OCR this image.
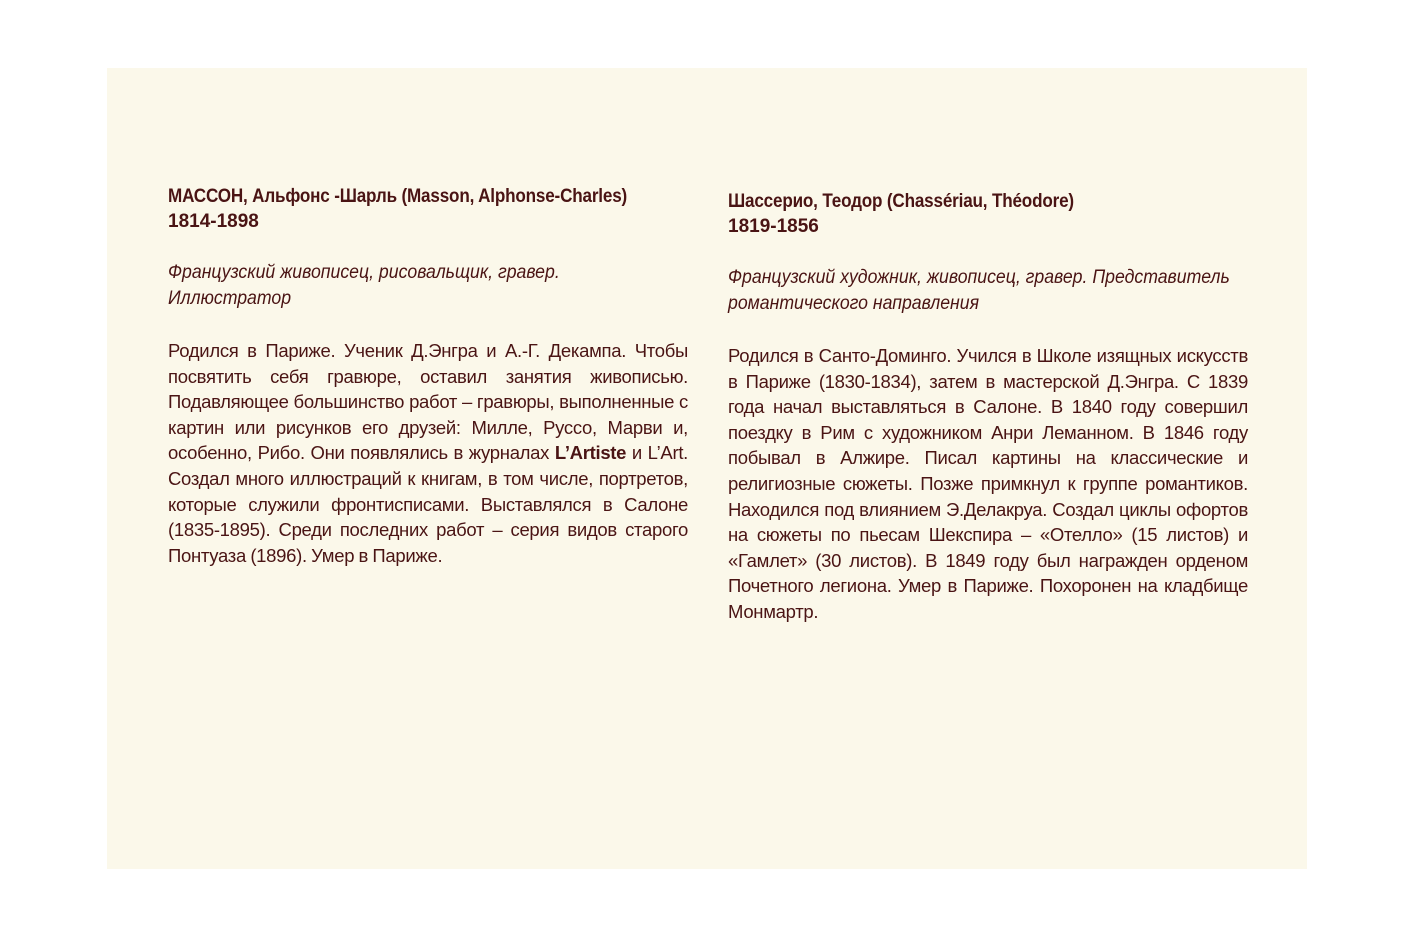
МАССОН, Альфонс -Шарль (Masson, Alphonse-Charles)

1814-1898

Французский живописец, рисовальщик, гравер.
Иллюстратор

Родился в Париже. Ученик Д.Энгра и А.-Г. Декампа. Чтобы посвятить себя гравюре, оставил занятия живописью. Подавляющее большинство работ – гравюры, выполненные с картин или рисунков его друзей: Милле, Руссо, Марви и, особенно, Рибо. Они появлялись в журналах L’Artiste и L’Art. Создал много иллюстраций к книгам, в том числе, портретов, которые служили фронтисписами. Выставлялся в Салоне (1835-1895). Среди последних работ – серия видов старого Понтуаза (1896). Умер в Париже.

Шассерио, Теодор (Chassériau, Théodore)

1819-1856

Французский художник, живописец, гравер. Представитель
романтического направления

Родился в Санто-Доминго. Учился в Школе изящных искусств в Париже (1830-1834), затем в мастерской Д.Энгра. С 1839 года начал выставляться в Салоне. В 1840 году совершил поездку в Рим с художником Анри Леманном. В 1846 году побывал в Алжире. Писал картины на классические и религиозные сюжеты. Позже примкнул к группе романтиков. Находился под влиянием Э.Делакруа. Создал циклы офортов на сюжеты по пьесам Шекспира – «Отелло» (15 листов) и «Гамлет» (30 листов). В 1849 году был награжден орденом Почетного легиона. Умер в Париже. Похоронен на кладбище Монмартр.
